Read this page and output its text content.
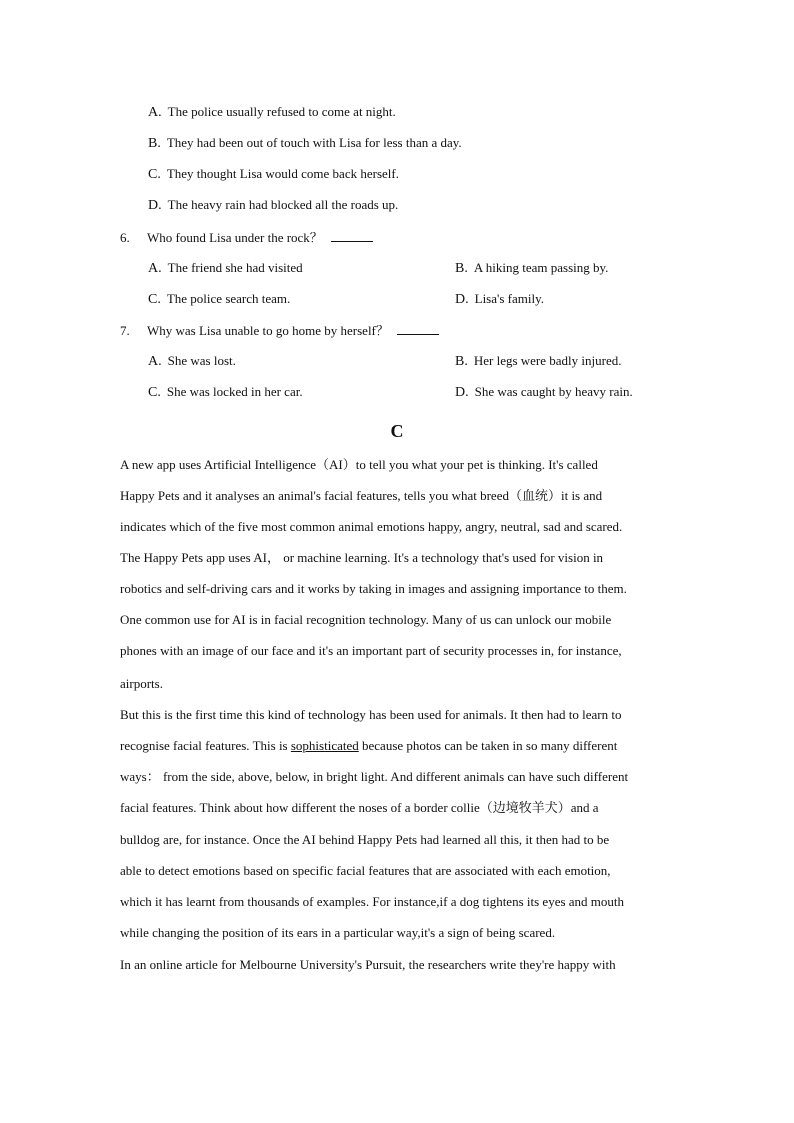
A. The police usually refused to come at night.
B. They had been out of touch with Lisa for less than a day.
C. They thought Lisa would come back herself.
D. The heavy rain had blocked all the roads up.
6. Who found Lisa under the rock？
A. The friend she had visited	B. A hiking team passing by.
C. The police search team.	D. Lisa's family.
7. Why was Lisa unable to go home by herself？
A. She was lost.	B. Her legs were badly injured.
C. She was locked in her car.	D. She was caught by heavy rain.
C
A new app uses Artificial Intelligence（AI）to tell you what your pet is thinking. It's called
Happy Pets and it analyses an animal's facial features, tells you what breed（血统）it is and
indicates which of the five most common animal emotions happy, angry, neutral, sad and scared.
The Happy Pets app uses AI， or machine learning. It's a technology that's used for vision in
robotics and self-driving cars and it works by taking in images and assigning importance to them.
One common use for AI is in facial recognition technology. Many of us can unlock our mobile
phones with an image of our face and it's an important part of security processes in, for instance,
airports.
But this is the first time this kind of technology has been used for animals. It then had to learn to
recognise facial features. This is sophisticated because photos can be taken in so many different
ways： from the side, above, below, in bright light. And different animals can have such different
facial features. Think about how different the noses of a border collie（边境牧羊犬）and a
bulldog are, for instance. Once the AI behind Happy Pets had learned all this, it then had to be
able to detect emotions based on specific facial features that are associated with each emotion,
which it has learnt from thousands of examples. For instance,if a dog tightens its eyes and mouth
while changing the position of its ears in a particular way,it's a sign of being scared.
In an online article for Melbourne University's Pursuit, the researchers write they're happy with
